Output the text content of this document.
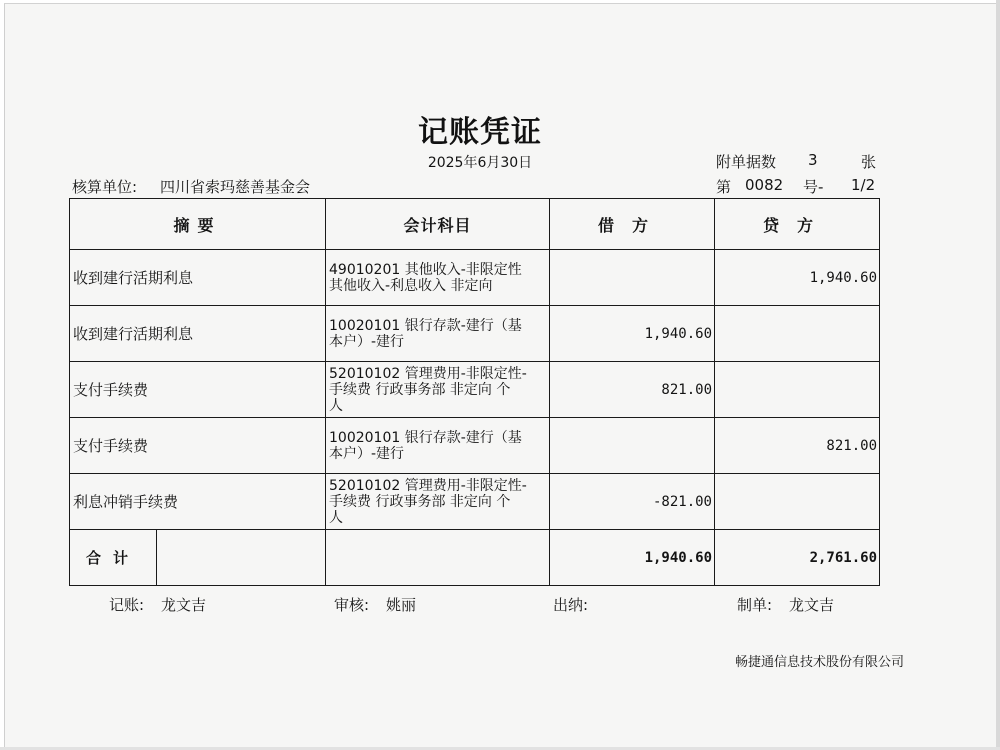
记账凭证
2025年6月30日	附单据数 3	张
核算单位: 四川省索玛慈善基金会	第 0082 号- 1/2
摘要	会计科目	借方	贷方
收到建行活期利息	49010201 其他收入-非限定性
其他收入-利息收入 非定向		1,940.60
收到建行活期利息	10020101 银行存款-建行（基
本户）-建行	1,940.60	
支付手续费	52010102 管理费用-非限定性-
手续费 行政事务部 非定向 个
人	821.00	
支付手续费	10020101 银行存款-建行（基
本户）-建行		821.00
利息冲销手续费	52010102 管理费用-非限定性-
手续费 行政事务部 非定向 个
人	-821.00	

合计		1,940.60	2,761.60
记账: 龙文吉	审核: 姚丽	出纳:	制单: 龙文吉
畅捷通信息技术股份有限公司
